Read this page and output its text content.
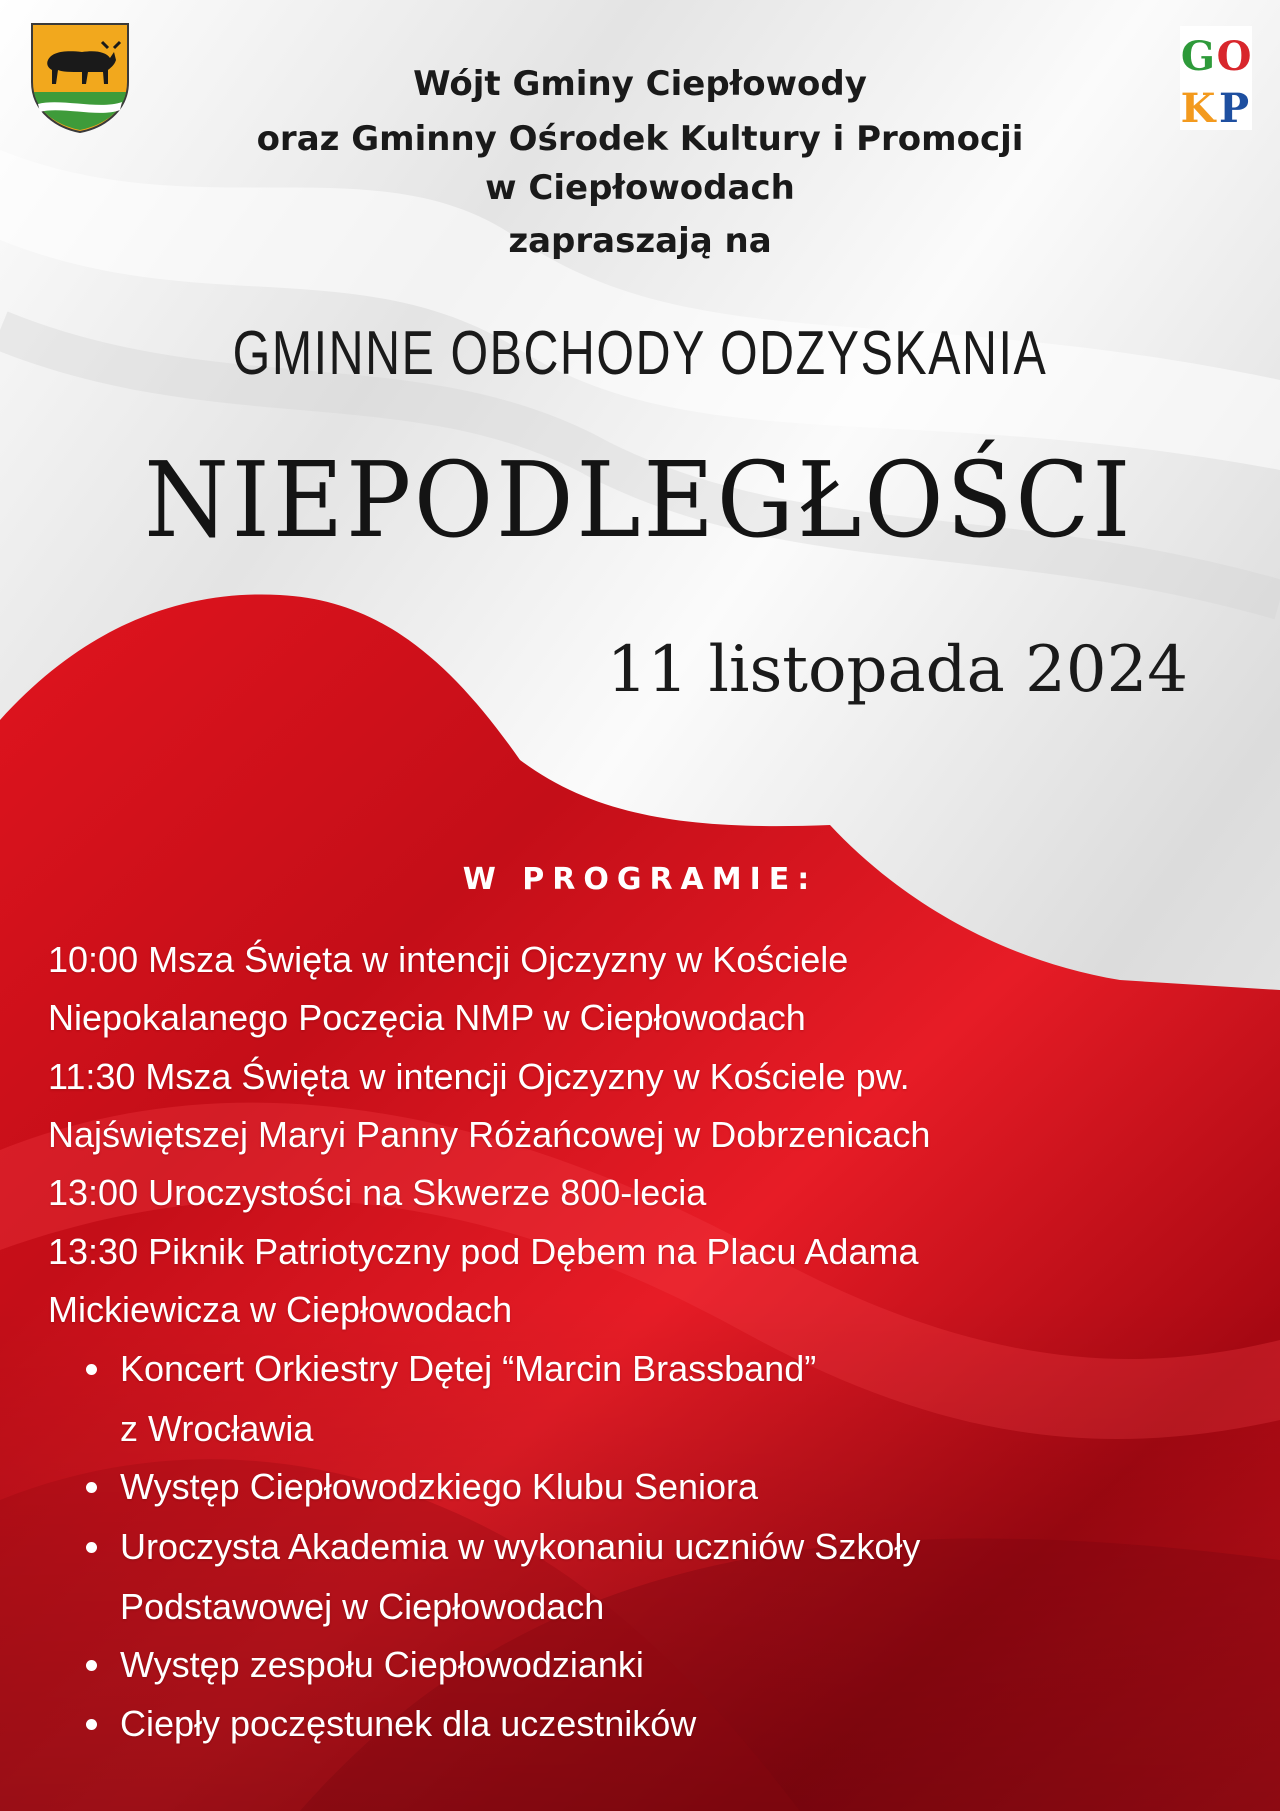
G O
K P
Wójt Gminy Ciepłowody
oraz Gminny Ośrodek Kultury i Promocji
w Ciepłowodach
zapraszają na
GMINNE OBCHODY ODZYSKANIA
NIEPODLEGŁOŚCI
11 listopada 2024
W PROGRAMIE:
10:00 Msza Święta w intencji Ojczyzny w Kościele
Niepokalanego Poczęcia NMP w Ciepłowodach
11:30 Msza Święta w intencji Ojczyzny w Kościele pw.
Najświętszej Maryi Panny Różańcowej w Dobrzenicach
13:00 Uroczystości na Skwerze 800-lecia
13:30 Piknik Patriotyczny pod Dębem na Placu Adama
Mickiewicza w Ciepłowodach
Koncert Orkiestry Dętej “Marcin Brassband”
z Wrocławia
Występ Ciepłowodzkiego Klubu Seniora
Uroczysta Akademia w wykonaniu uczniów Szkoły
Podstawowej w Ciepłowodach
Występ zespołu Ciepłowodzianki
Ciepły poczęstunek dla uczestników
